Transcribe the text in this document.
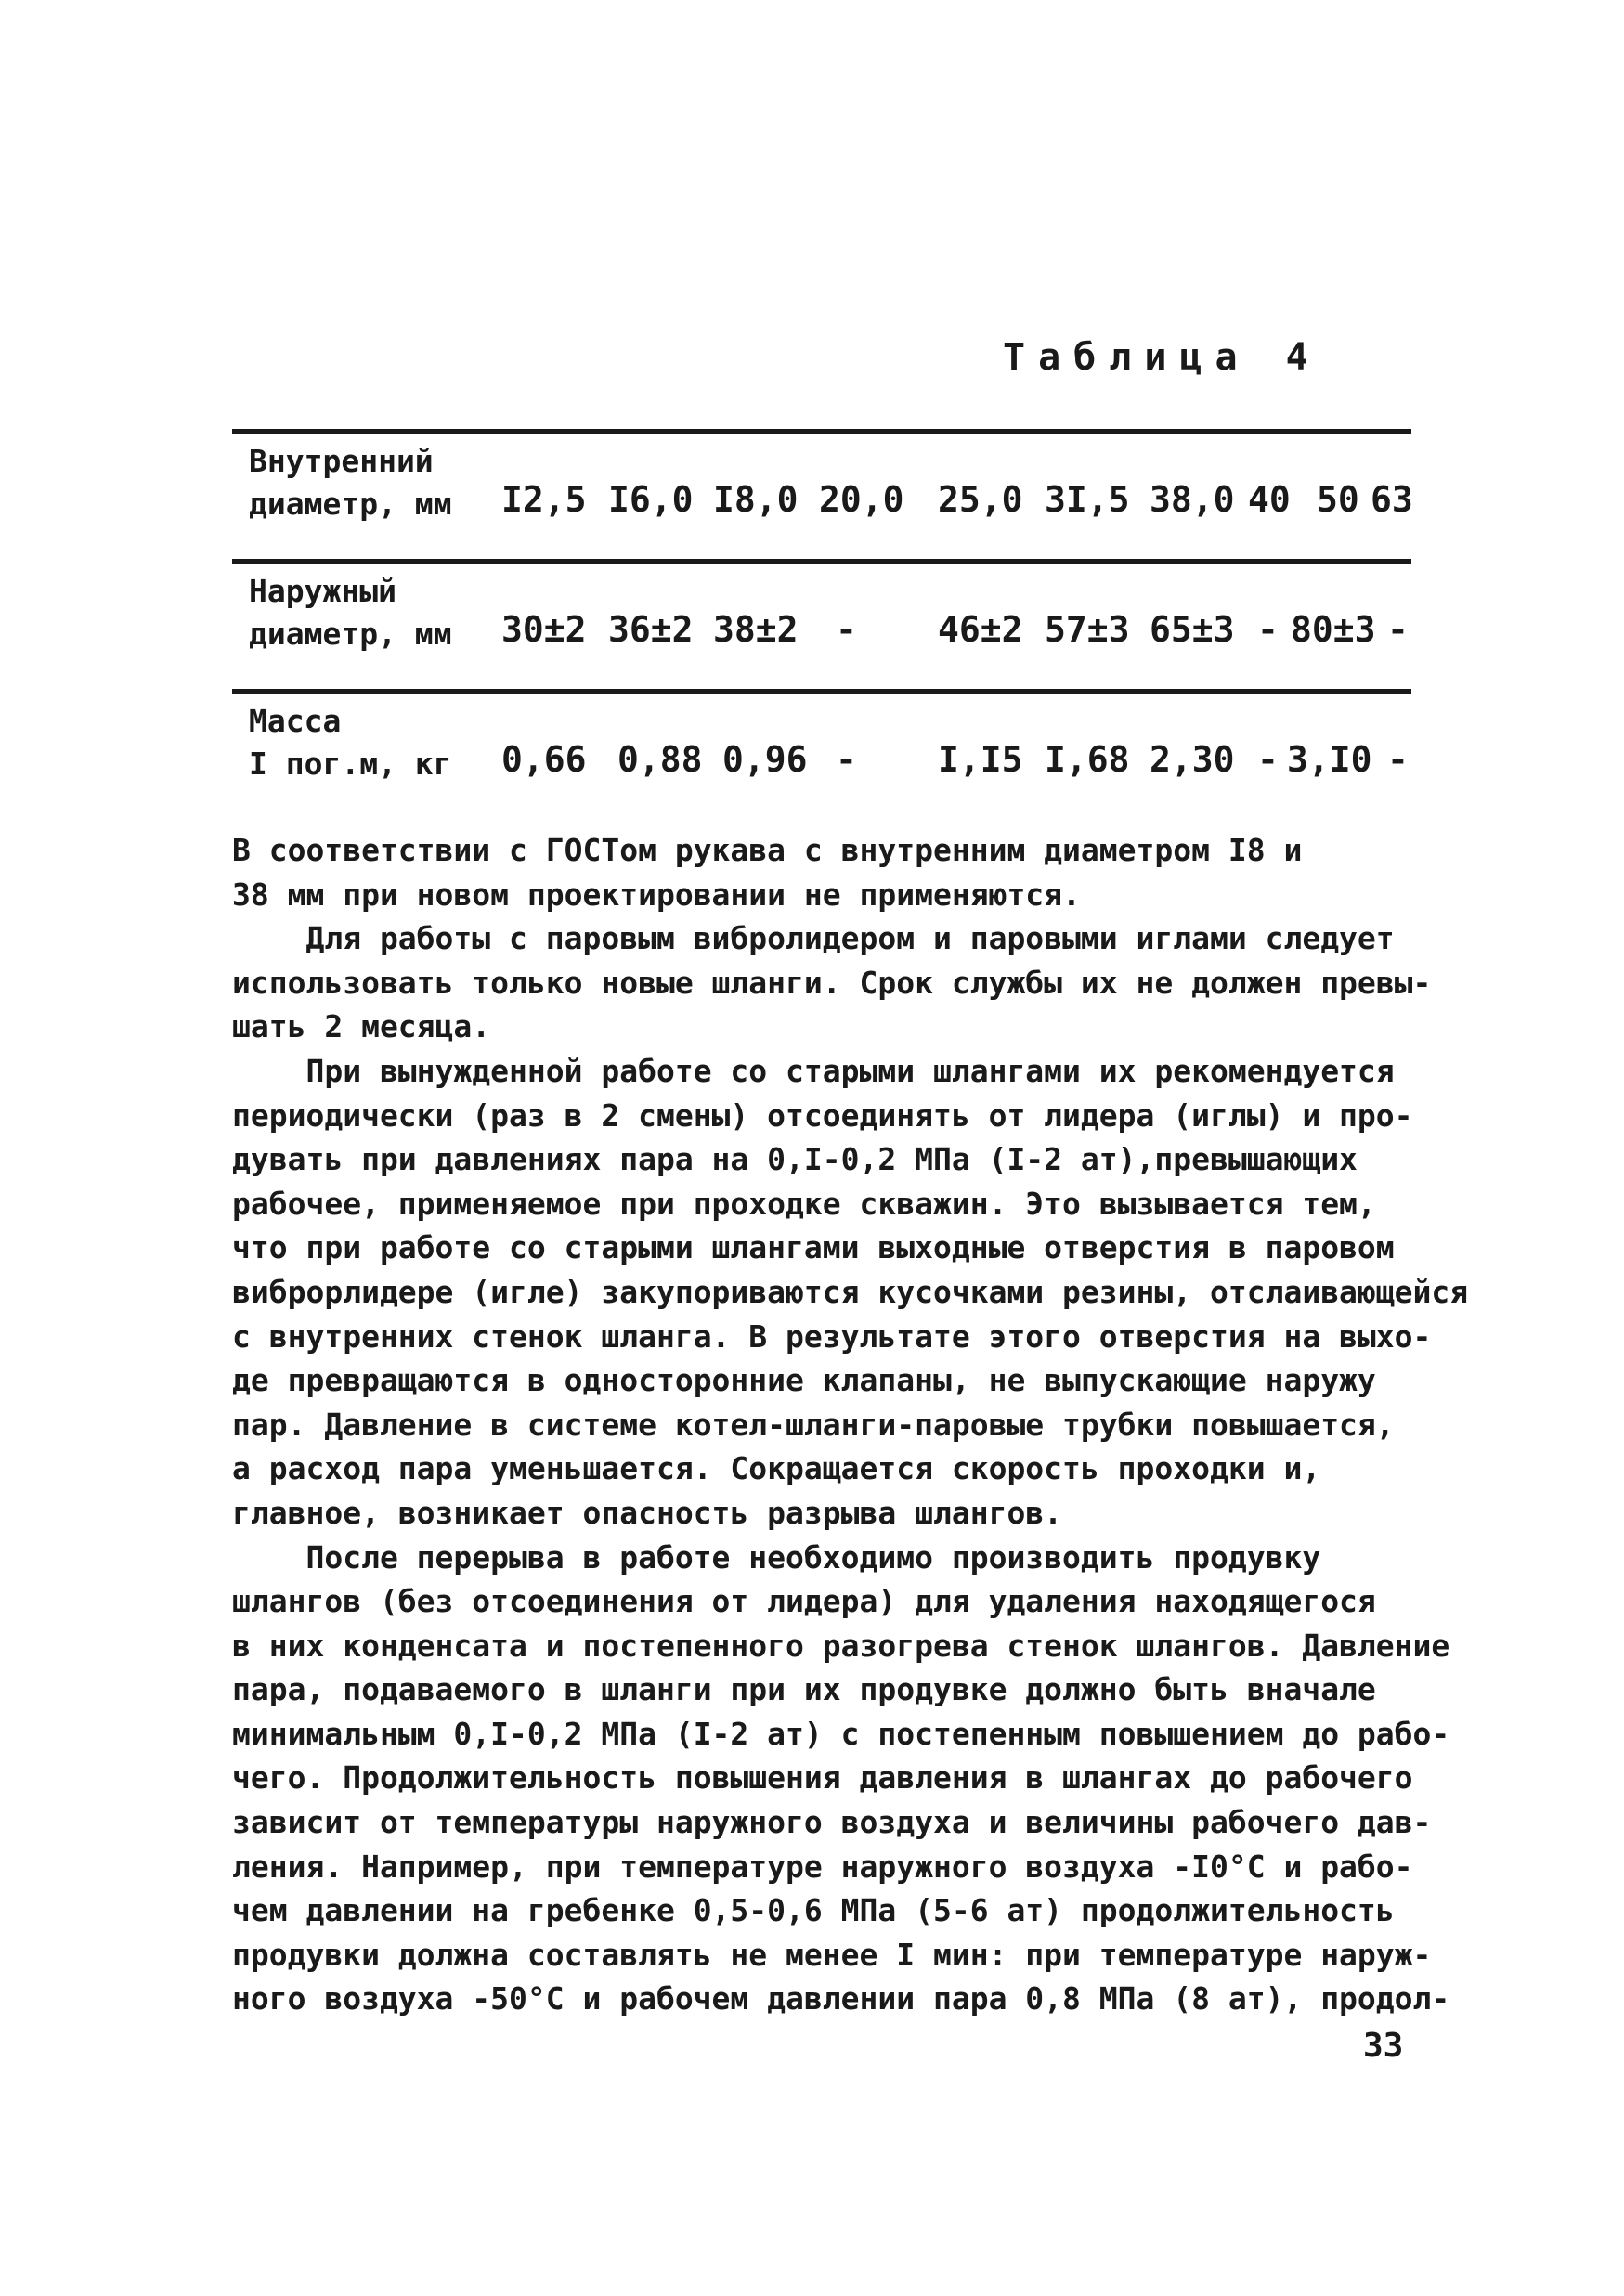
Таблица 4
Внутренний
диаметр, мм I2,5 I6,0 I8,0 20,0 25,0 3I,5 38,0 40 50 63
Наружный
диаметр, мм 30±2 36±2 38±2 - 46±2 57±3 65±3 - 80±3 -
Масса
I пог.м, кг 0,66 0,88 0,96 - I,I5 I,68 2,30 - 3,I0 -

В соответствии с ГОСТом рукава с внутренним диаметром I8 и

38 мм при новом проектировании не применяются.

Для работы с паровым вибролидером и паровыми иглами следует

использовать только новые шланги. Срок службы их не должен превы-

шать 2 месяца.

При вынужденной работе со старыми шлангами их рекомендуется

периодически (раз в 2 смены) отсоединять от лидера (иглы) и про-

дувать при давлениях пара на 0,I-0,2 МПа (I-2 ат),превышающих

рабочее, применяемое при проходке скважин. Это вызывается тем,

что при работе со старыми шлангами выходные отверстия в паровом

виброрлидере (игле) закупориваются кусочками резины, отслаивающейся

с внутренних стенок шланга. В результате этого отверстия на выхо-

де превращаются в односторонние клапаны, не выпускающие наружу

пар. Давление в системе котел-шланги-паровые трубки повышается,

а расход пара уменьшается. Сокращается скорость проходки и,

главное, возникает опасность разрыва шлангов.

После перерыва в работе необходимо производить продувку

шлангов (без отсоединения от лидера) для удаления находящегося

в них конденсата и постепенного разогрева стенок шлангов. Давление

пара, подаваемого в шланги при их продувке должно быть вначале

минимальным 0,I-0,2 МПа (I-2 ат) с постепенным повышением до рабо-

чего. Продолжительность повышения давления в шлангах до рабочего

зависит от температуры наружного воздуха и величины рабочего дав-

ления. Например, при температуре наружного воздуха -I0°С и рабо-

чем давлении на гребенке 0,5-0,6 МПа (5-6 ат) продолжительность

продувки должна составлять не менее I мин: при температуре наруж-

ного воздуха -50°С и рабочем давлении пара 0,8 МПа (8 ат), продол-

33
